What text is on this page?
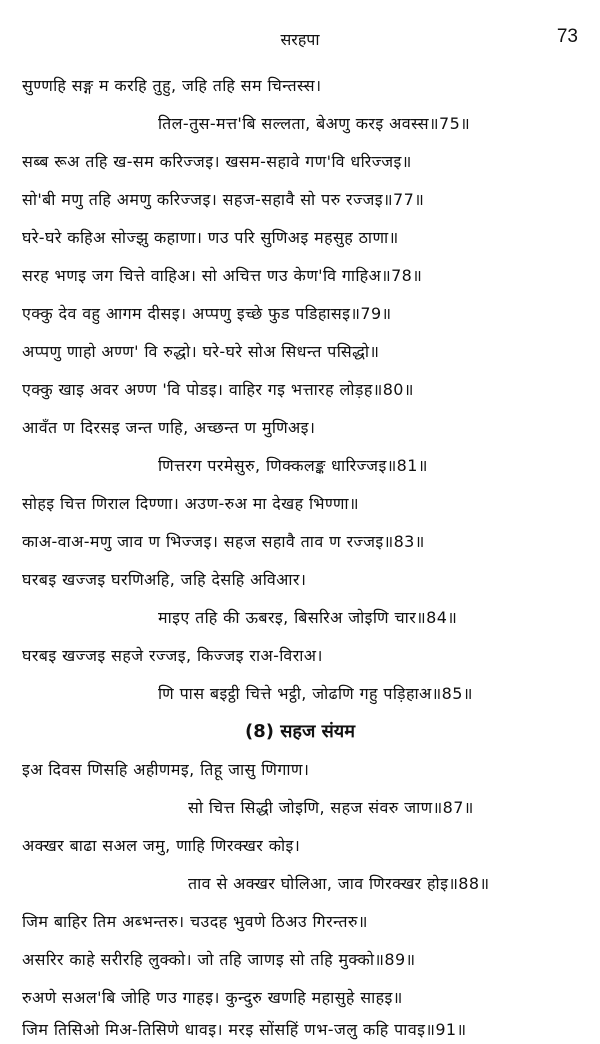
सरहपा	73
सुण्णहि सङ्ग म करहि तुहु, जहि तहि सम चिन्तस्स।
तिल-तुस-मत्त'बि सल्लता, बेअणु करइ अवस्स॥75॥
सब्ब रूअ तहि ख-सम करिज्जइ। खसम-सहावे गण'वि धरिज्जइ॥
सो'बी मणु तहि अमणु करिज्जइ। सहज-सहावै सो परु रज्जइ॥77॥
घरे-घरे कहिअ सोज्झु कहाणा। णउ परि सुणिअइ महसुह ठाणा॥
सरह भणइ जग चित्ते वाहिअ। सो अचित्त णउ केण'वि गाहिअ॥78॥
एक्कु देव वहु आगम दीसइ। अप्पणु इच्छे फुड पडिहासइ॥79॥
अप्पणु णाहो अण्ण' वि रुद्धो। घरे-घरे सोअ सिधन्त पसिद्धो॥
एक्कु खाइ अवर अण्ण 'वि पोडइ। वाहिर गइ भत्तारह लोड़ह॥80॥
आवँत ण दिरसइ जन्त णहि, अच्छन्त ण मुणिअइ।
णित्तरग परमेसुरु, णिक्कलङ्क धारिज्जइ॥81॥
सोहइ चित्त णिराल दिण्णा। अउण-रुअ मा देखह भिण्णा॥
काअ-वाअ-मणु जाव ण भिज्जइ। सहज सहावै ताव ण रज्जइ॥83॥
घरबइ खज्जइ घरणिअहि, जहि देसहि अविआर।
माइए तहि की ऊबरइ, बिसरिअ जोइणि चार॥84॥
घरबइ खज्जइ सहजे रज्जइ, किज्जइ राअ-विराअ।
णि पास बइट्ठी चित्ते भट्ठी, जोढणि गहु पड़िहाअ॥85॥
(8) सहज संयम
इअ दिवस णिसहि अहीणमइ, तिहू जासु णिगाण।
सो चित्त सिद्धी जोइणि, सहज संवरु जाण॥87॥
अक्खर बाढा सअल जमु, णाहि णिरक्खर कोइ।
ताव से अक्खर घोलिआ, जाव णिरक्खर होइ॥88॥
जिम बाहिर तिम अब्भन्तरु। चउदह भुवणे ठिअउ गिरन्तरु॥
असरिर काहे सरीरहि लुक्को। जो तहि जाणइ सो तहि मुक्को॥89॥
रुअणे सअल'बि जोहि णउ गाहइ। कुन्दुरु खणहि महासुहे साहइ॥
जिम तिसिओ मिअ-तिसिणे धावइ। मरइ सोंसहिं णभ-जलु कहि पावइ॥91॥
